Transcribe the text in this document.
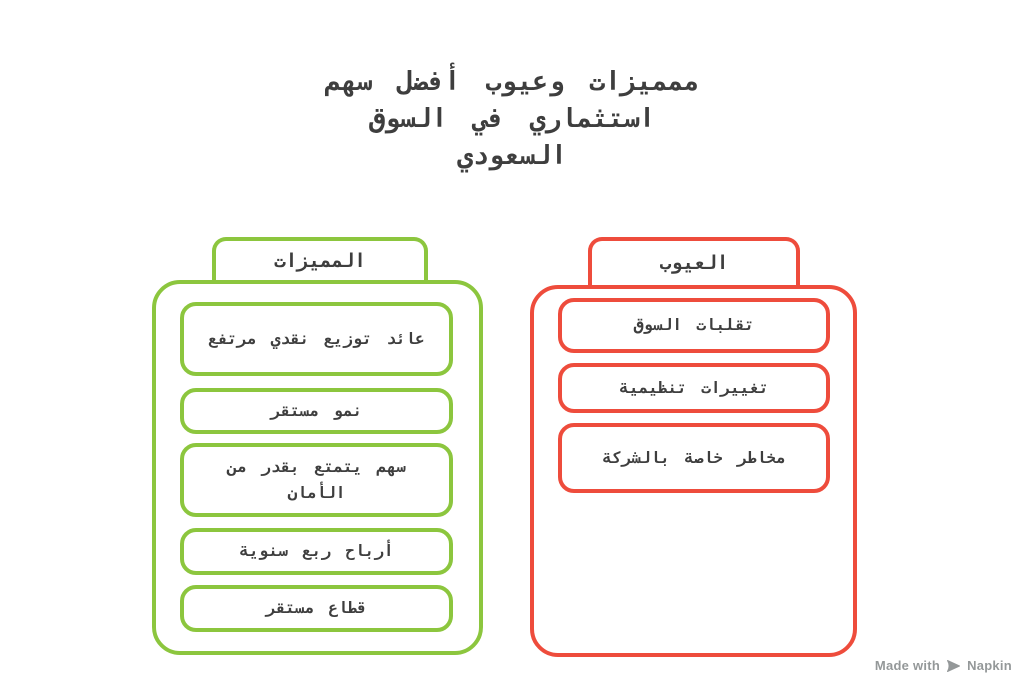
ممميزات وعيوب أفضل سهم
استثماري في السوق
السعودي
المميزات
عائد توزيع نقدي مرتفع
نمو مستقر
سهم يتمتع بقدر من الأمان
أرباح ربع سنوية
قطاع مستقر
العيوب
تقلبات السوق
تغييرات تنظيمية
مخاطر خاصة بالشركة
Made with Napkin
